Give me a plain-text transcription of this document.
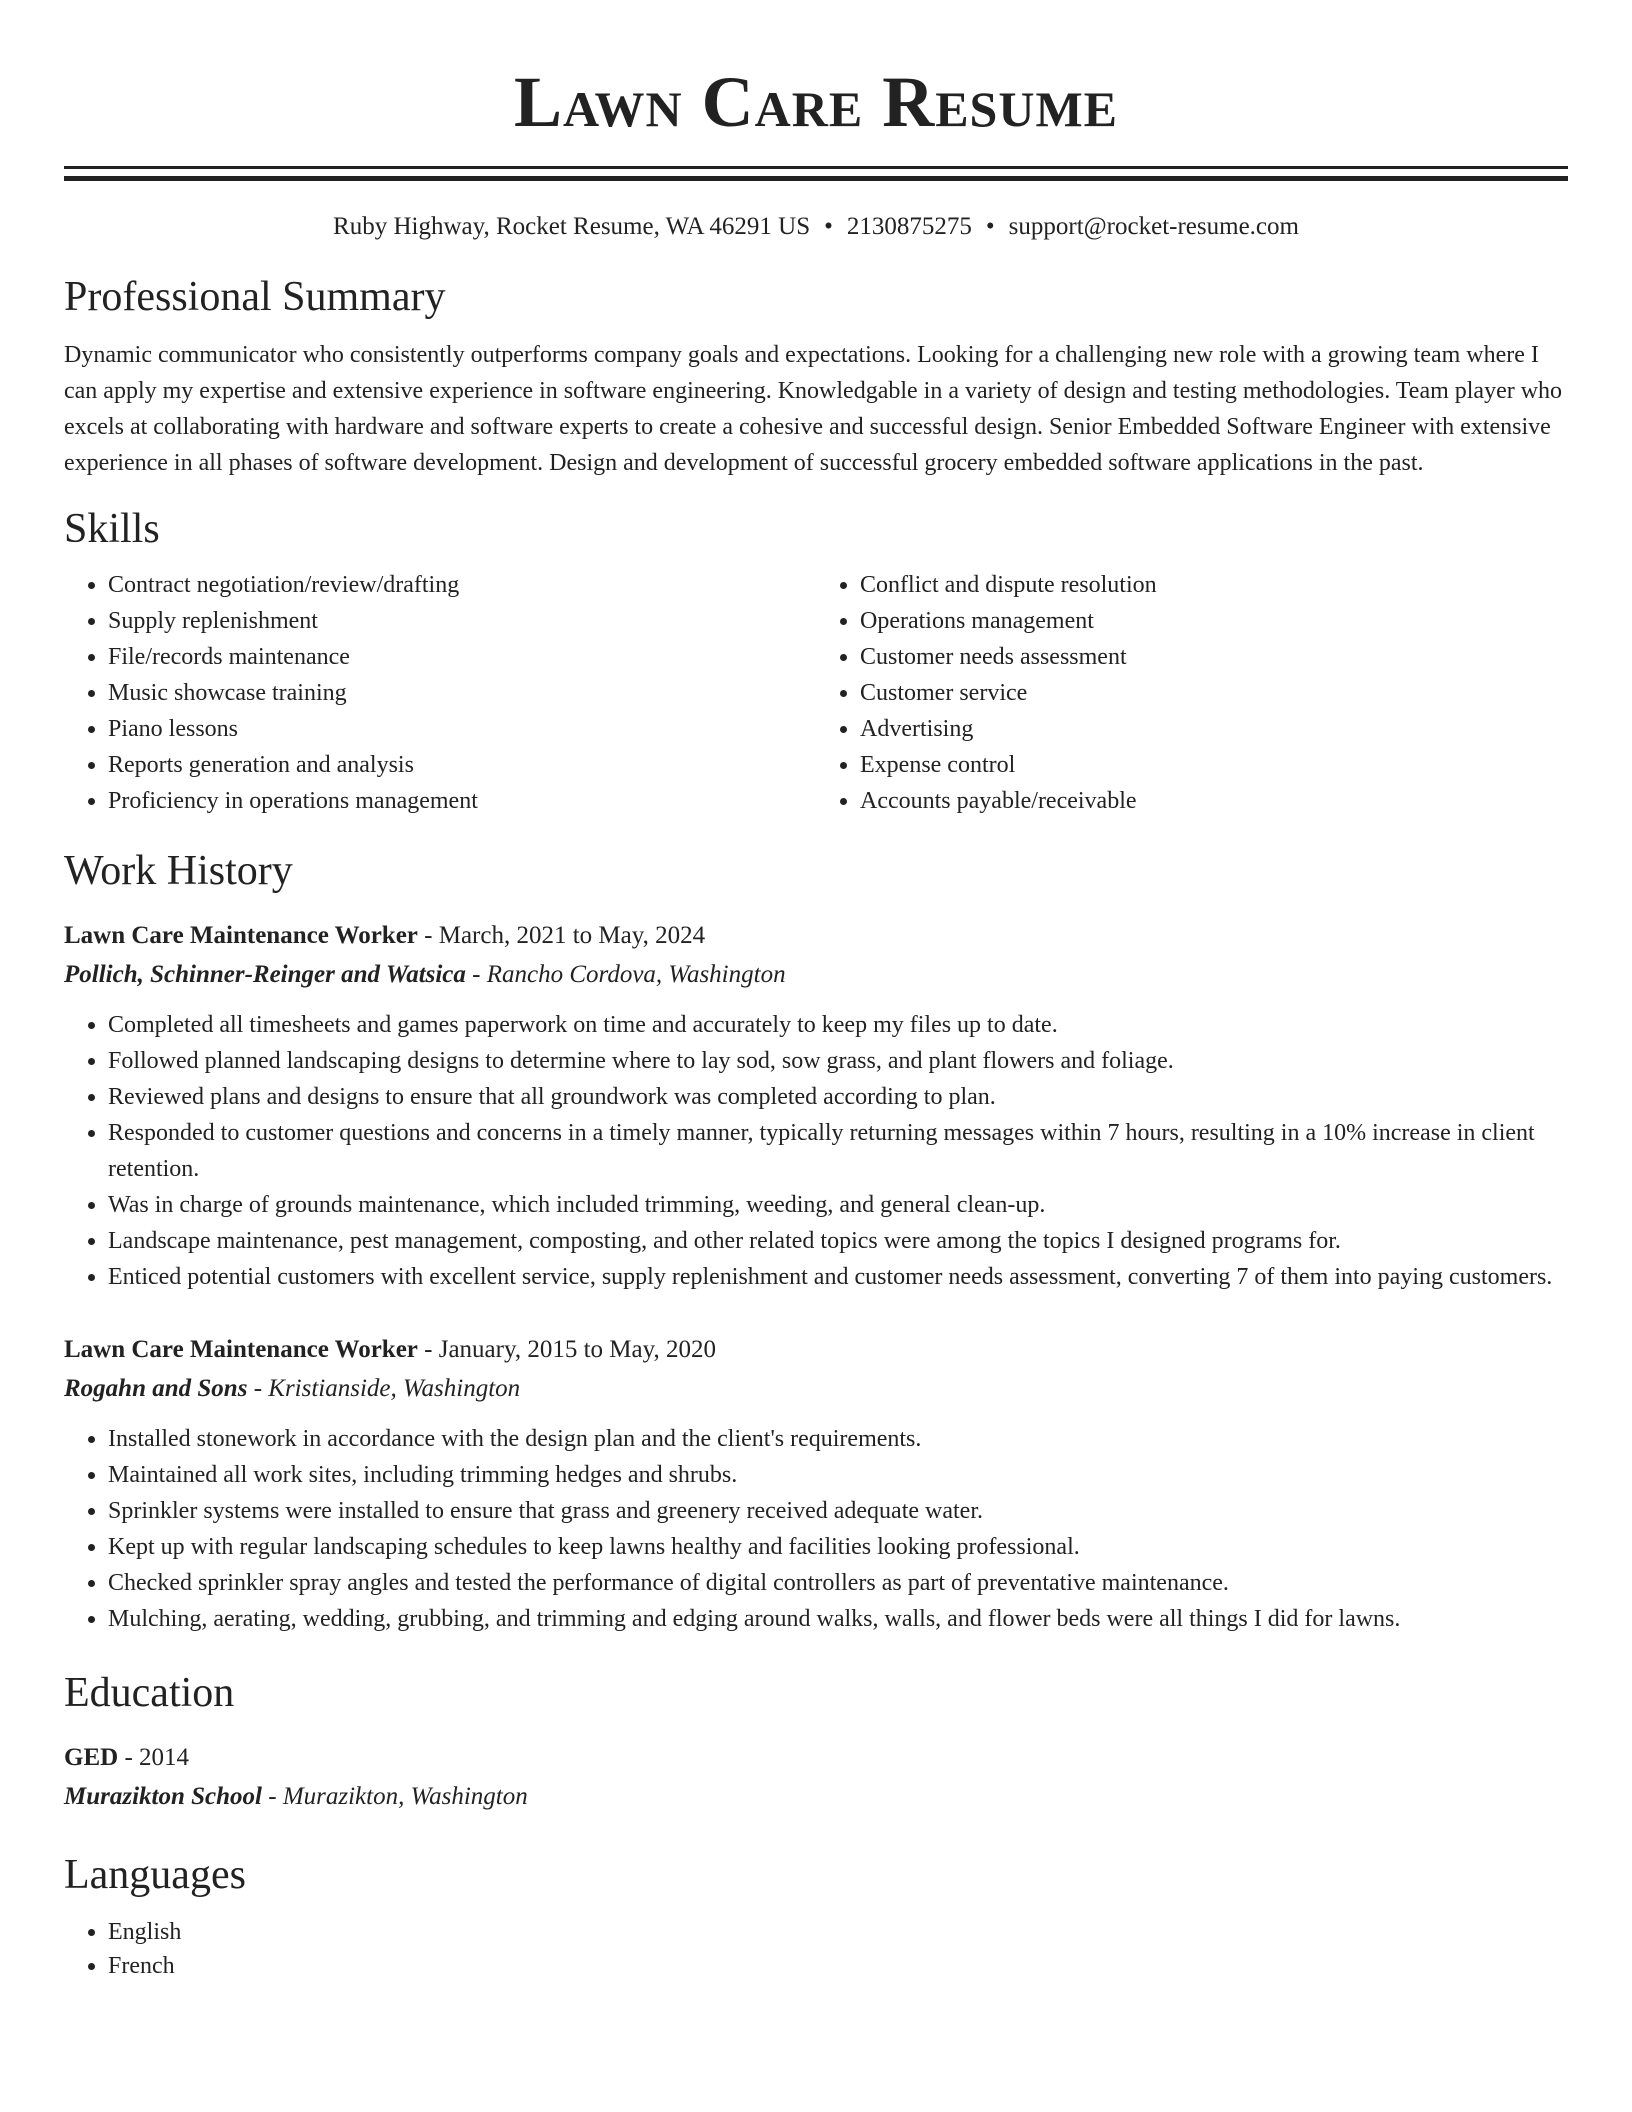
Lawn Care Resume
Ruby Highway, Rocket Resume, WA 46291 US • 2130875275 • support@rocket-resume.com
Professional Summary

Dynamic communicator who consistently outperforms company goals and expectations. Looking for a challenging new role with a growing team where I can apply my expertise and extensive experience in software engineering. Knowledgable in a variety of design and testing methodologies. Team player who excels at collaborating with hardware and software experts to create a cohesive and successful design. Senior Embedded Software Engineer with extensive experience in all phases of software development. Design and development of successful grocery embedded software applications in the past.

Skills
• Contract negotiation/review/drafting
• Supply replenishment
• File/records maintenance
• Music showcase training
• Piano lessons
• Reports generation and analysis
• Proficiency in operations management
• Conflict and dispute resolution
• Operations management
• Customer needs assessment
• Customer service
• Advertising
• Expense control
• Accounts payable/receivable
Work History
Lawn Care Maintenance Worker - March, 2021 to May, 2024
Pollich, Schinner-Reinger and Watsica - Rancho Cordova, Washington
• Completed all timesheets and games paperwork on time and accurately to keep my files up to date.
• Followed planned landscaping designs to determine where to lay sod, sow grass, and plant flowers and foliage.
• Reviewed plans and designs to ensure that all groundwork was completed according to plan.
• Responded to customer questions and concerns in a timely manner, typically returning messages within 7 hours, resulting in a 10% increase in client retention.
• Was in charge of grounds maintenance, which included trimming, weeding, and general clean-up.
• Landscape maintenance, pest management, composting, and other related topics were among the topics I designed programs for.
• Enticed potential customers with excellent service, supply replenishment and customer needs assessment, converting 7 of them into paying customers.
Lawn Care Maintenance Worker - January, 2015 to May, 2020
Rogahn and Sons - Kristianside, Washington
• Installed stonework in accordance with the design plan and the client's requirements.
• Maintained all work sites, including trimming hedges and shrubs.
• Sprinkler systems were installed to ensure that grass and greenery received adequate water.
• Kept up with regular landscaping schedules to keep lawns healthy and facilities looking professional.
• Checked sprinkler spray angles and tested the performance of digital controllers as part of preventative maintenance.
• Mulching, aerating, wedding, grubbing, and trimming and edging around walks, walls, and flower beds were all things I did for lawns.
Education
GED - 2014
Murazikton School - Murazikton, Washington
Languages
• English
• French
